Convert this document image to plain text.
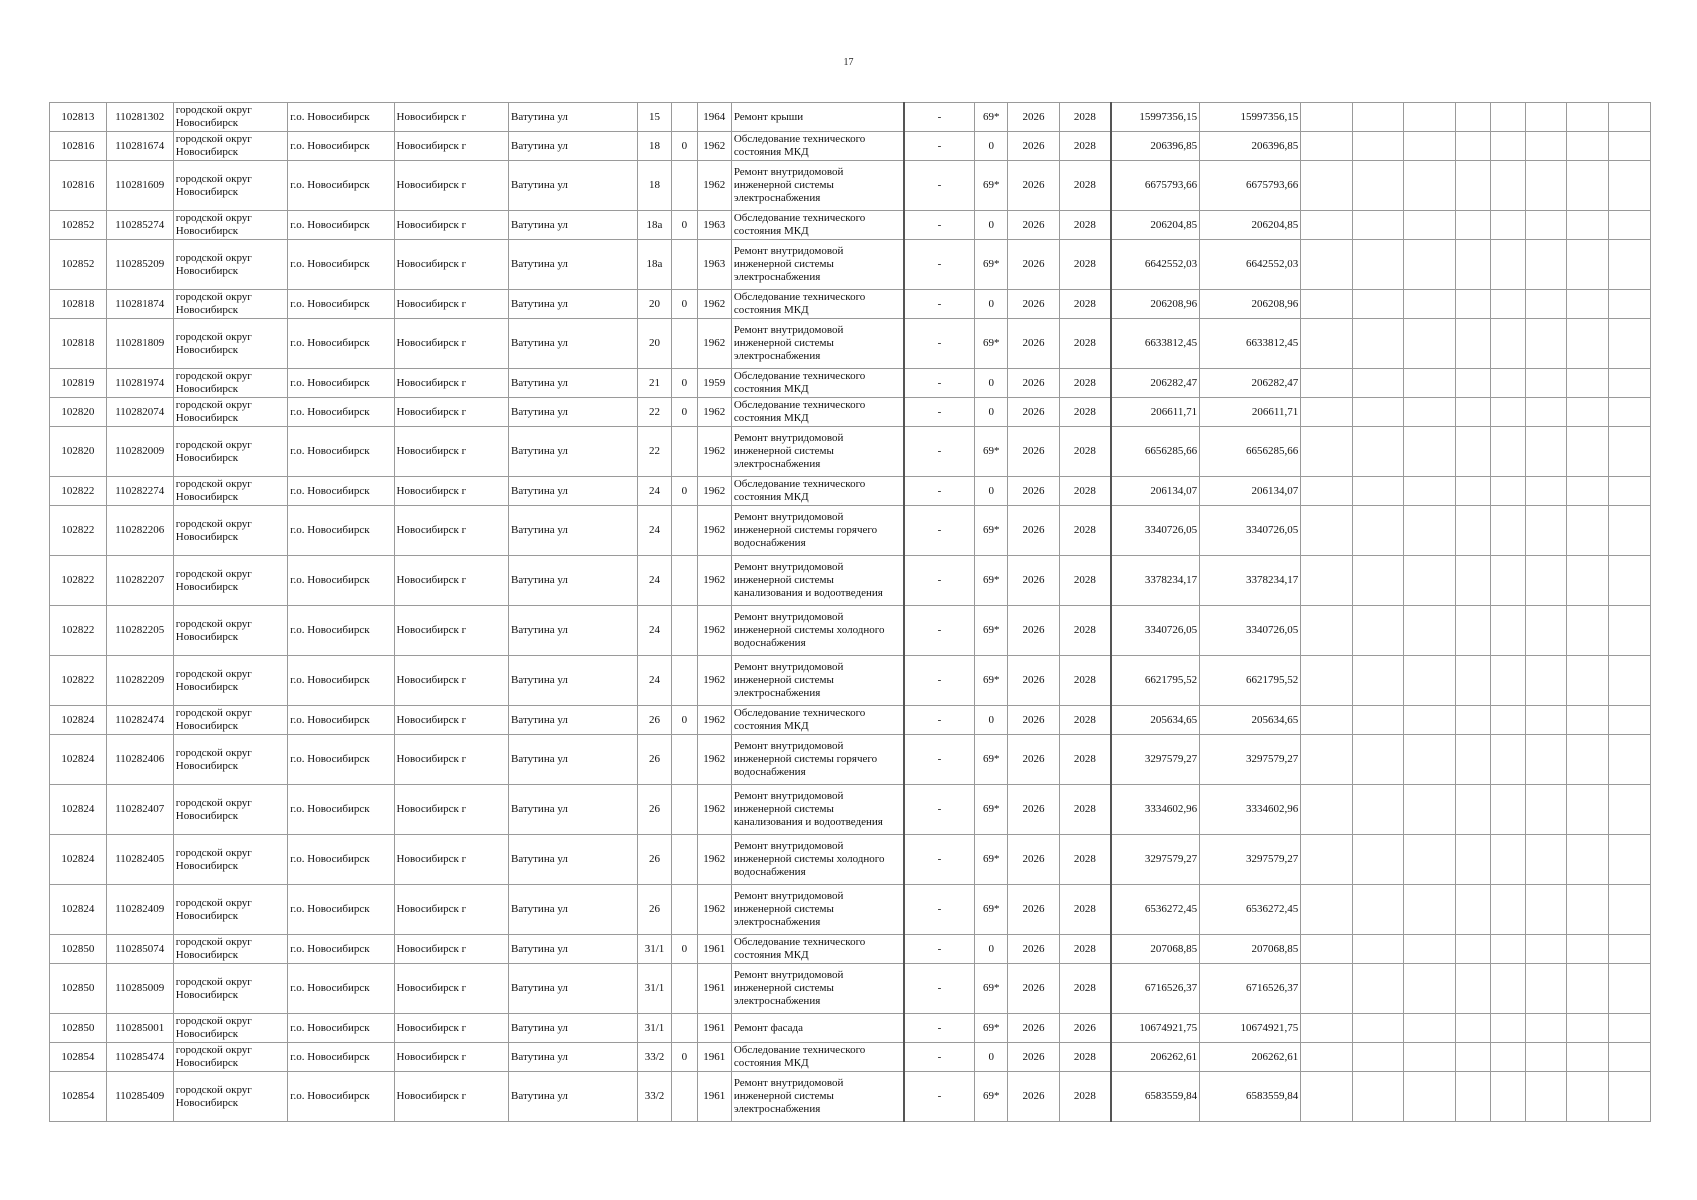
17
102813	110281302	городской округ Новосибирск	г.о. Новосибирск	Новосибирск г	Ватутина ул	15		1964	Ремонт крыши	-	69*	2026	2028	15997356,15	15997356,15								
102816	110281674	городской округ Новосибирск	г.о. Новосибирск	Новосибирск г	Ватутина ул	18	0	1962	Обследование технического состояния МКД	-	0	2026	2028	206396,85	206396,85								
102816	110281609	городской округ Новосибирск	г.о. Новосибирск	Новосибирск г	Ватутина ул	18		1962	Ремонт внутридомовой инженерной системы электроснабжения	-	69*	2026	2028	6675793,66	6675793,66								
102852	110285274	городской округ Новосибирск	г.о. Новосибирск	Новосибирск г	Ватутина ул	18а	0	1963	Обследование технического состояния МКД	-	0	2026	2028	206204,85	206204,85								
102852	110285209	городской округ Новосибирск	г.о. Новосибирск	Новосибирск г	Ватутина ул	18а		1963	Ремонт внутридомовой инженерной системы электроснабжения	-	69*	2026	2028	6642552,03	6642552,03								
102818	110281874	городской округ Новосибирск	г.о. Новосибирск	Новосибирск г	Ватутина ул	20	0	1962	Обследование технического состояния МКД	-	0	2026	2028	206208,96	206208,96								
102818	110281809	городской округ Новосибирск	г.о. Новосибирск	Новосибирск г	Ватутина ул	20		1962	Ремонт внутридомовой инженерной системы электроснабжения	-	69*	2026	2028	6633812,45	6633812,45								
102819	110281974	городской округ Новосибирск	г.о. Новосибирск	Новосибирск г	Ватутина ул	21	0	1959	Обследование технического состояния МКД	-	0	2026	2028	206282,47	206282,47								
102820	110282074	городской округ Новосибирск	г.о. Новосибирск	Новосибирск г	Ватутина ул	22	0	1962	Обследование технического состояния МКД	-	0	2026	2028	206611,71	206611,71								
102820	110282009	городской округ Новосибирск	г.о. Новосибирск	Новосибирск г	Ватутина ул	22		1962	Ремонт внутридомовой инженерной системы электроснабжения	-	69*	2026	2028	6656285,66	6656285,66								
102822	110282274	городской округ Новосибирск	г.о. Новосибирск	Новосибирск г	Ватутина ул	24	0	1962	Обследование технического состояния МКД	-	0	2026	2028	206134,07	206134,07								
102822	110282206	городской округ Новосибирск	г.о. Новосибирск	Новосибирск г	Ватутина ул	24		1962	Ремонт внутридомовой инженерной системы горячего водоснабжения	-	69*	2026	2028	3340726,05	3340726,05								
102822	110282207	городской округ Новосибирск	г.о. Новосибирск	Новосибирск г	Ватутина ул	24		1962	Ремонт внутридомовой инженерной системы канализования и водоотведения	-	69*	2026	2028	3378234,17	3378234,17								
102822	110282205	городской округ Новосибирск	г.о. Новосибирск	Новосибирск г	Ватутина ул	24		1962	Ремонт внутридомовой инженерной системы холодного водоснабжения	-	69*	2026	2028	3340726,05	3340726,05								
102822	110282209	городской округ Новосибирск	г.о. Новосибирск	Новосибирск г	Ватутина ул	24		1962	Ремонт внутридомовой инженерной системы электроснабжения	-	69*	2026	2028	6621795,52	6621795,52								
102824	110282474	городской округ Новосибирск	г.о. Новосибирск	Новосибирск г	Ватутина ул	26	0	1962	Обследование технического состояния МКД	-	0	2026	2028	205634,65	205634,65								
102824	110282406	городской округ Новосибирск	г.о. Новосибирск	Новосибирск г	Ватутина ул	26		1962	Ремонт внутридомовой инженерной системы горячего водоснабжения	-	69*	2026	2028	3297579,27	3297579,27								
102824	110282407	городской округ Новосибирск	г.о. Новосибирск	Новосибирск г	Ватутина ул	26		1962	Ремонт внутридомовой инженерной системы канализования и водоотведения	-	69*	2026	2028	3334602,96	3334602,96								
102824	110282405	городской округ Новосибирск	г.о. Новосибирск	Новосибирск г	Ватутина ул	26		1962	Ремонт внутридомовой инженерной системы холодного водоснабжения	-	69*	2026	2028	3297579,27	3297579,27								
102824	110282409	городской округ Новосибирск	г.о. Новосибирск	Новосибирск г	Ватутина ул	26		1962	Ремонт внутридомовой инженерной системы электроснабжения	-	69*	2026	2028	6536272,45	6536272,45								
102850	110285074	городской округ Новосибирск	г.о. Новосибирск	Новосибирск г	Ватутина ул	31/1	0	1961	Обследование технического состояния МКД	-	0	2026	2028	207068,85	207068,85								
102850	110285009	городской округ Новосибирск	г.о. Новосибирск	Новосибирск г	Ватутина ул	31/1		1961	Ремонт внутридомовой инженерной системы электроснабжения	-	69*	2026	2028	6716526,37	6716526,37								
102850	110285001	городской округ Новосибирск	г.о. Новосибирск	Новосибирск г	Ватутина ул	31/1		1961	Ремонт фасада	-	69*	2026	2026	10674921,75	10674921,75								
102854	110285474	городской округ Новосибирск	г.о. Новосибирск	Новосибирск г	Ватутина ул	33/2	0	1961	Обследование технического состояния МКД	-	0	2026	2028	206262,61	206262,61								
102854	110285409	городской округ Новосибирск	г.о. Новосибирск	Новосибирск г	Ватутина ул	33/2		1961	Ремонт внутридомовой инженерной системы электроснабжения	-	69*	2026	2028	6583559,84	6583559,84								
